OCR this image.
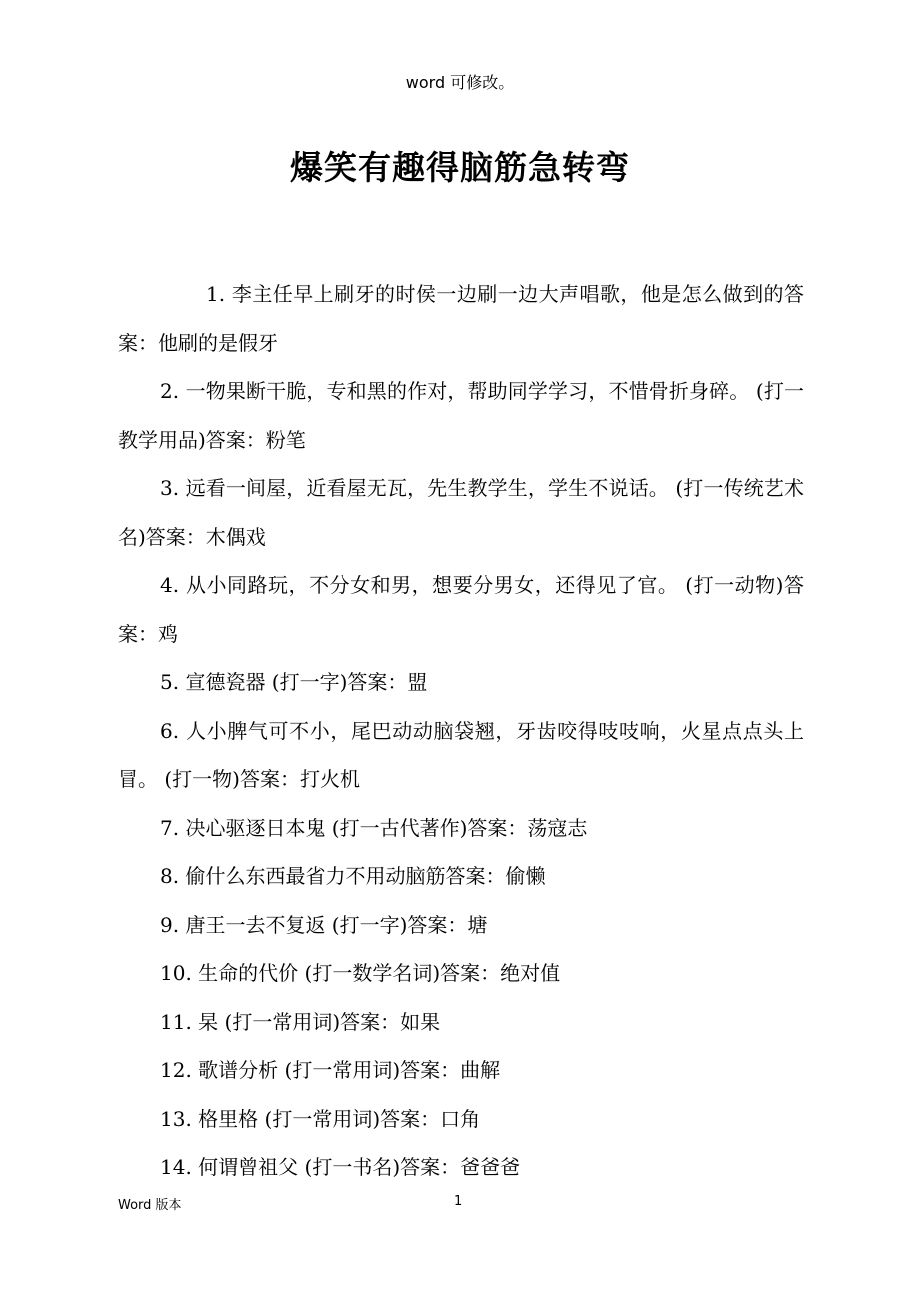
word 可修改。
爆笑有趣得脑筋急转弯

1. 李主任早上刷牙的时侯一边刷一边大声唱歌，他是怎么做到的答案：他刷的是假牙

2. 一物果断干脆，专和黑的作对，帮助同学学习，不惜骨折身碎。 (打一教学用品)答案：粉笔

3. 远看一间屋，近看屋无瓦，先生教学生，学生不说话。 (打一传统艺术名)答案：木偶戏

4. 从小同路玩，不分女和男，想要分男女，还得见了官。 (打一动物)答案：鸡

5. 宣德瓷器 (打一字)答案：盟

6. 人小脾气可不小，尾巴动动脑袋翘，牙齿咬得吱吱响，火星点点头上冒。 (打一物)答案：打火机

7. 决心驱逐日本鬼 (打一古代著作)答案：荡寇志

8. 偷什么东西最省力不用动脑筋答案：偷懒

9. 唐王一去不复返 (打一字)答案：塘

10. 生命的代价 (打一数学名词)答案：绝对值

11. 杲 (打一常用词)答案：如果

12. 歌谱分析 (打一常用词)答案：曲解

13. 格里格 (打一常用词)答案：口角

14. 何谓曾祖父 (打一书名)答案：爸爸爸

Word 版本	1
